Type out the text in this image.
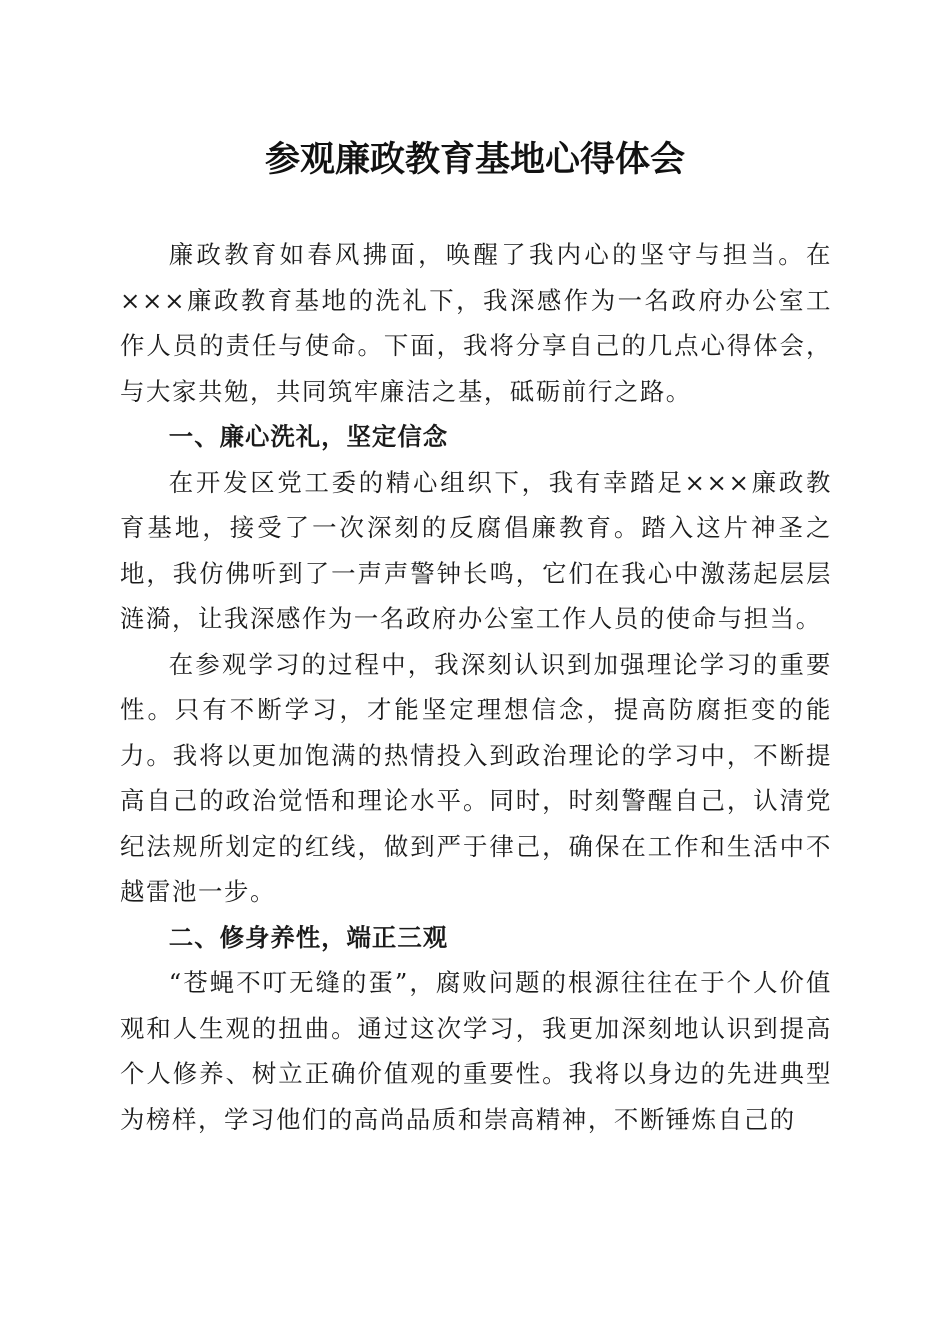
参观廉政教育基地心得体会

廉政教育如春风拂面，唤醒了我内心的坚守与担当。在×××廉政教育基地的洗礼下，我深感作为一名政府办公室工作人员的责任与使命。下面，我将分享自己的几点心得体会，与大家共勉，共同筑牢廉洁之基，砥砺前行之路。

一、廉心洗礼，坚定信念

在开发区党工委的精心组织下，我有幸踏足×××廉政教育基地，接受了一次深刻的反腐倡廉教育。踏入这片神圣之地，我仿佛听到了一声声警钟长鸣，它们在我心中激荡起层层涟漪，让我深感作为一名政府办公室工作人员的使命与担当。

在参观学习的过程中，我深刻认识到加强理论学习的重要性。只有不断学习，才能坚定理想信念，提高防腐拒变的能力。我将以更加饱满的热情投入到政治理论的学习中，不断提高自己的政治觉悟和理论水平。同时，时刻警醒自己，认清党纪法规所划定的红线，做到严于律己，确保在工作和生活中不越雷池一步。

二、修身养性，端正三观

“苍蝇不叮无缝的蛋”，腐败问题的根源往往在于个人价值观和人生观的扭曲。通过这次学习，我更加深刻地认识到提高个人修养、树立正确价值观的重要性。我将以身边的先进典型为榜样，学习他们的高尚品质和崇高精神，不断锤炼自己的
